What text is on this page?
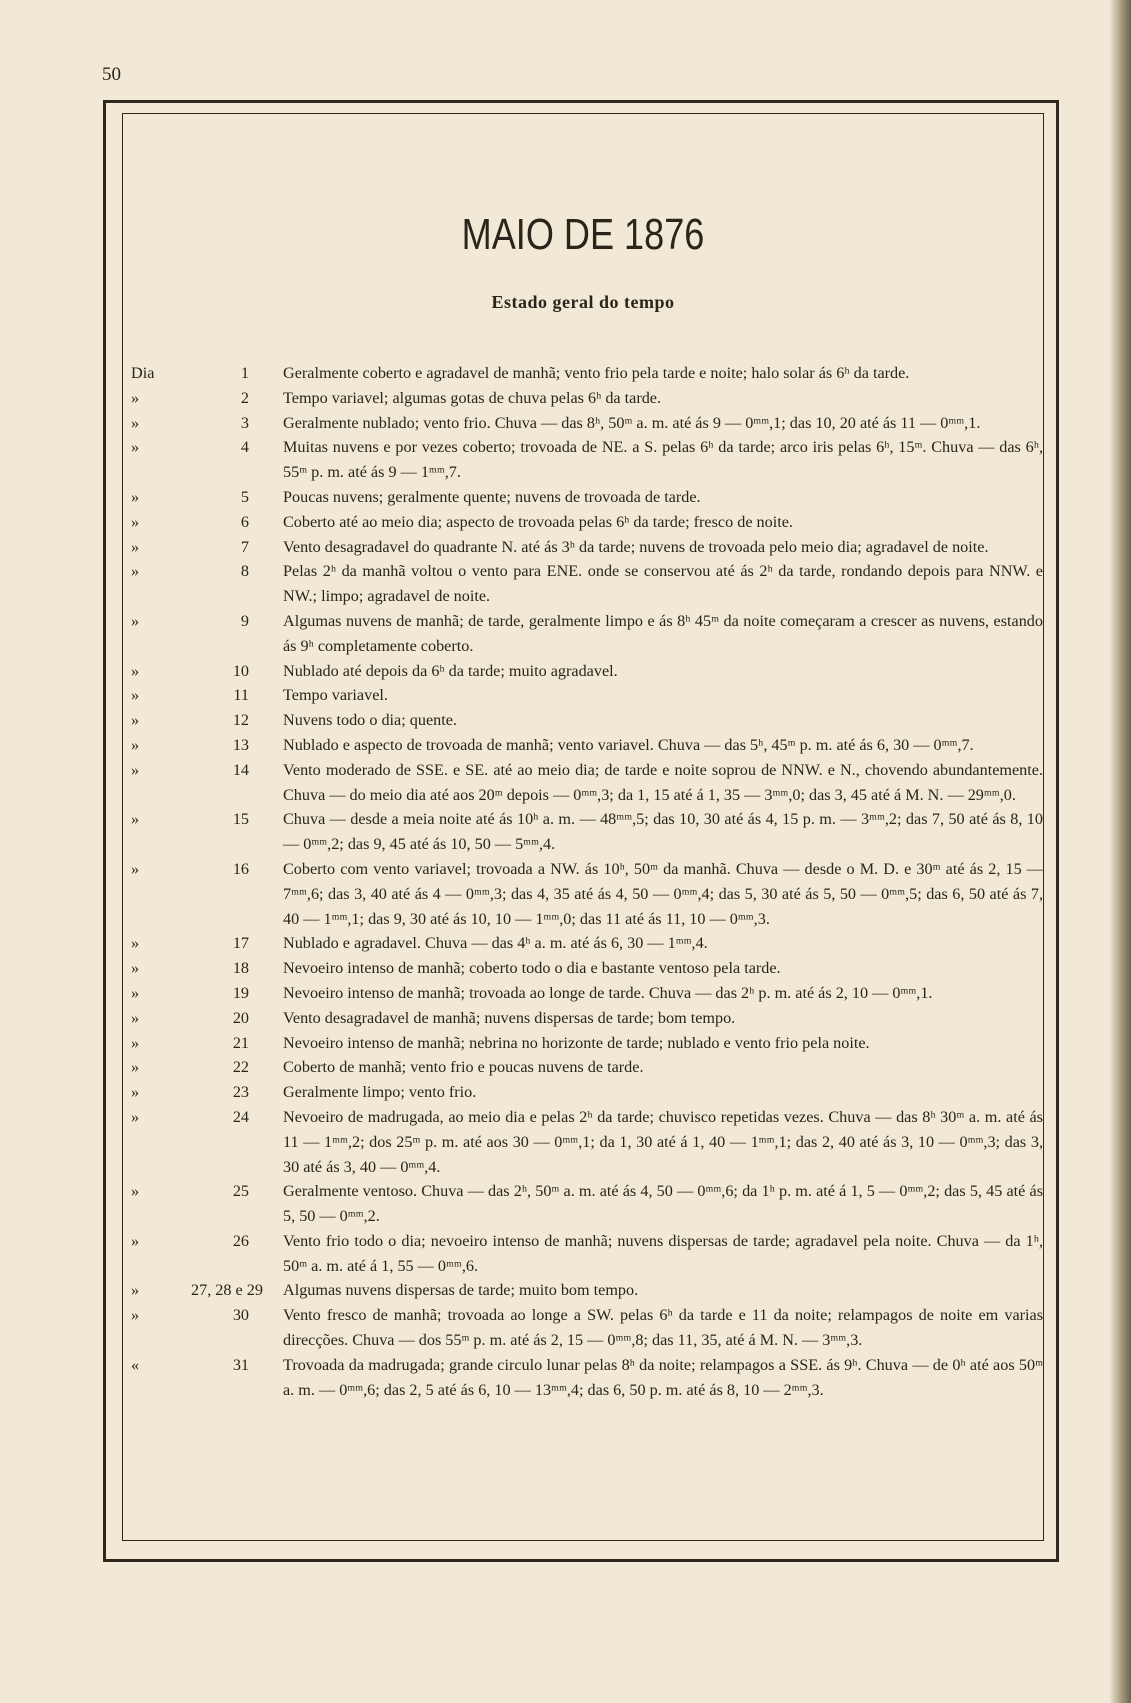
50
MAIO DE 1876
Estado geral do tempo
Dia	1 Geralmente coberto e agradavel de manhã; vento frio pela tarde e noite; halo solar ás 6ʰ da tarde.
»	2 Tempo variavel; algumas gotas de chuva pelas 6ʰ da tarde.
»	3 Geralmente nublado; vento frio. Chuva — das 8ʰ, 50ᵐ a. m. até ás 9 — 0ᵐᵐ,1; das 10, 20 até ás 11 — 0ᵐᵐ,1.
»	4 Muitas nuvens e por vezes coberto; trovoada de NE. a S. pelas 6ʰ da tarde; arco iris pelas 6ʰ, 15ᵐ. Chuva — das 6ʰ, 55ᵐ p. m. até ás 9 — 1ᵐᵐ,7.
»	5 Poucas nuvens; geralmente quente; nuvens de trovoada de tarde.
»	6 Coberto até ao meio dia; aspecto de trovoada pelas 6ʰ da tarde; fresco de noite.
»	7 Vento desagradavel do quadrante N. até ás 3ʰ da tarde; nuvens de trovoada pelo meio dia; agradavel de noite.
»	8 Pelas 2ʰ da manhã voltou o vento para ENE. onde se conservou até ás 2ʰ da tarde, rondando depois para NNW. e NW.; limpo; agradavel de noite.
»	9 Algumas nuvens de manhã; de tarde, geralmente limpo e ás 8ʰ 45ᵐ da noite começaram a crescer as nuvens, estando ás 9ʰ completamente coberto.
»	10 Nublado até depois da 6ʰ da tarde; muito agradavel.
»	11 Tempo variavel.
»	12 Nuvens todo o dia; quente.
»	13 Nublado e aspecto de trovoada de manhã; vento variavel. Chuva — das 5ʰ, 45ᵐ p. m. até ás 6, 30 — 0ᵐᵐ,7.
»	14 Vento moderado de SSE. e SE. até ao meio dia; de tarde e noite soprou de NNW. e N., chovendo abundantemente. Chuva — do meio dia até aos 20ᵐ depois — 0ᵐᵐ,3; da 1, 15 até á 1, 35 — 3ᵐᵐ,0; das 3, 45 até á M. N. — 29ᵐᵐ,0.
»	15 Chuva — desde a meia noite até ás 10ʰ a. m. — 48ᵐᵐ,5; das 10, 30 até ás 4, 15 p. m. — 3ᵐᵐ,2; das 7, 50 até ás 8, 10 — 0ᵐᵐ,2; das 9, 45 até ás 10, 50 — 5ᵐᵐ,4.
»	16 Coberto com vento variavel; trovoada a NW. ás 10ʰ, 50ᵐ da manhã. Chuva — desde o M. D. e 30ᵐ até ás 2, 15 — 7ᵐᵐ,6; das 3, 40 até ás 4 — 0ᵐᵐ,3; das 4, 35 até ás 4, 50 — 0ᵐᵐ,4; das 5, 30 até ás 5, 50 — 0ᵐᵐ,5; das 6, 50 até ás 7, 40 — 1ᵐᵐ,1; das 9, 30 até ás 10, 10 — 1ᵐᵐ,0; das 11 até ás 11, 10 — 0ᵐᵐ,3.
»	17 Nublado e agradavel. Chuva — das 4ʰ a. m. até ás 6, 30 — 1ᵐᵐ,4.
»	18 Nevoeiro intenso de manhã; coberto todo o dia e bastante ventoso pela tarde.
»	19 Nevoeiro intenso de manhã; trovoada ao longe de tarde. Chuva — das 2ʰ p. m. até ás 2, 10 — 0ᵐᵐ,1.
»	20 Vento desagradavel de manhã; nuvens dispersas de tarde; bom tempo.
»	21 Nevoeiro intenso de manhã; nebrina no horizonte de tarde; nublado e vento frio pela noite.
»	22 Coberto de manhã; vento frio e poucas nuvens de tarde.
»	23 Geralmente limpo; vento frio.
»	24 Nevoeiro de madrugada, ao meio dia e pelas 2ʰ da tarde; chuvisco repetidas vezes. Chuva — das 8ʰ 30ᵐ a. m. até ás 11 — 1ᵐᵐ,2; dos 25ᵐ p. m. até aos 30 — 0ᵐᵐ,1; da 1, 30 até á 1, 40 — 1ᵐᵐ,1; das 2, 40 até ás 3, 10 — 0ᵐᵐ,3; das 3, 30 até ás 3, 40 — 0ᵐᵐ,4.
»	25 Geralmente ventoso. Chuva — das 2ʰ, 50ᵐ a. m. até ás 4, 50 — 0ᵐᵐ,6; da 1ʰ p. m. até á 1, 5 — 0ᵐᵐ,2; das 5, 45 até ás 5, 50 — 0ᵐᵐ,2.
»	26 Vento frio todo o dia; nevoeiro intenso de manhã; nuvens dispersas de tarde; agradavel pela noite. Chuva — da 1ʰ, 50ᵐ a. m. até á 1, 55 — 0ᵐᵐ,6.
»	27, 28 e 29 Algumas nuvens dispersas de tarde; muito bom tempo.
»	30 Vento fresco de manhã; trovoada ao longe a SW. pelas 6ʰ da tarde e 11 da noite; relampagos de noite em varias direcções. Chuva — dos 55ᵐ p. m. até ás 2, 15 — 0ᵐᵐ,8; das 11, 35, até á M. N. — 3ᵐᵐ,3.
«	31 Trovoada da madrugada; grande circulo lunar pelas 8ʰ da noite; relampagos a SSE. ás 9ʰ. Chuva — de 0ʰ até aos 50ᵐ a. m. — 0ᵐᵐ,6; das 2, 5 até ás 6, 10 — 13ᵐᵐ,4; das 6, 50 p. m. até ás 8, 10 — 2ᵐᵐ,3.
